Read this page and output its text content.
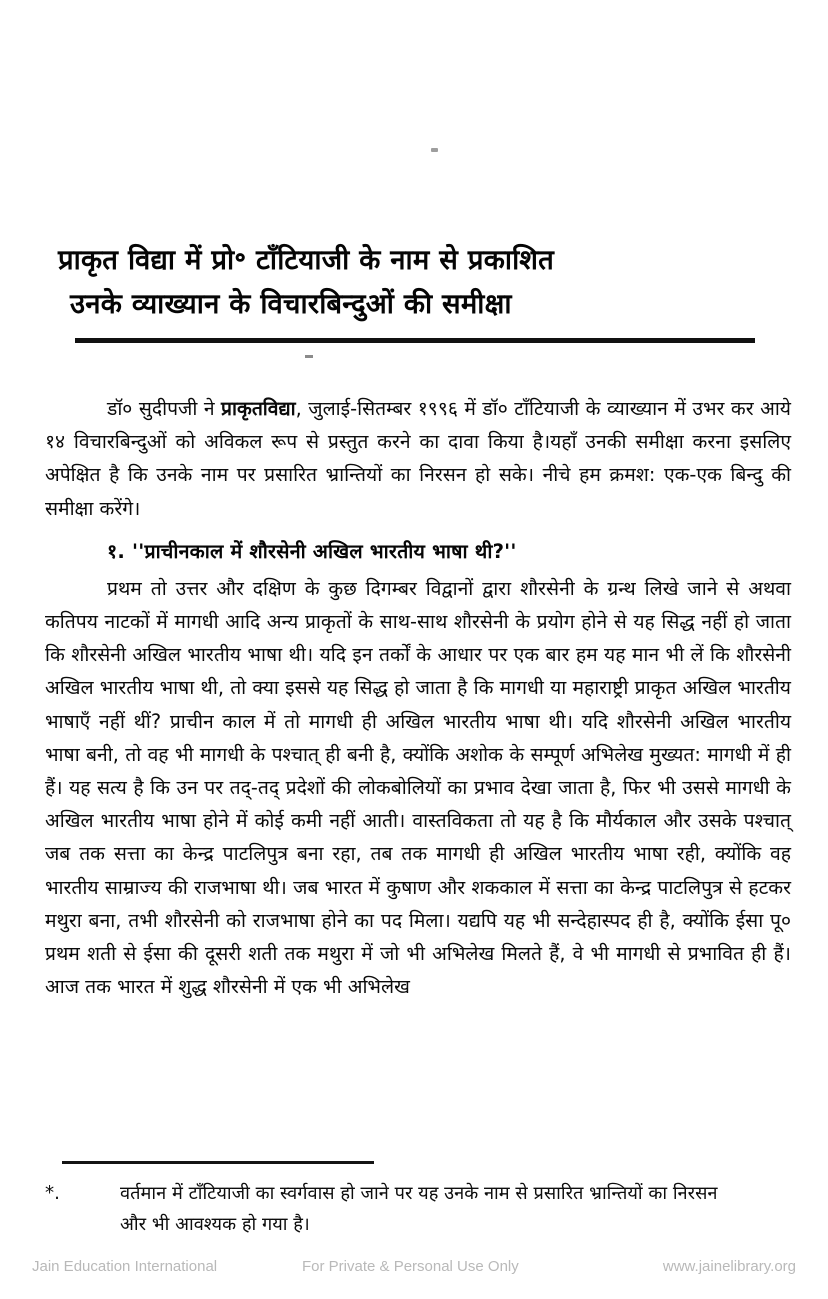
प्राकृत विद्या में प्रो॰ टाँटियाजी के नाम से प्रकाशित
उनके व्याख्यान के विचारबिन्दुओं की समीक्षा

डॉ० सुदीपजी ने प्राकृतविद्या, जुलाई-सितम्बर १९९६ में डॉ० टाँटियाजी के व्याख्यान में उभर कर आये १४ विचारबिन्दुओं को अविकल रूप से प्रस्तुत करने का दावा किया है।यहाँ उनकी समीक्षा करना इसलिए अपेक्षित है कि उनके नाम पर प्रसारित भ्रान्तियों का निरसन हो सके। नीचे हम क्रमश: एक-एक बिन्दु की समीक्षा करेंगे।

१. ''प्राचीनकाल में शौरसेनी अखिल भारतीय भाषा थी?''

प्रथम तो उत्तर और दक्षिण के कुछ दिगम्बर विद्वानों द्वारा शौरसेनी के ग्रन्थ लिखे जाने से अथवा कतिपय नाटकों में मागधी आदि अन्य प्राकृतों के साथ-साथ शौरसेनी के प्रयोग होने से यह सिद्ध नहीं हो जाता कि शौरसेनी अखिल भारतीय भाषा थी। यदि इन तर्कों के आधार पर एक बार हम यह मान भी लें कि शौरसेनी अखिल भारतीय भाषा थी, तो क्या इससे यह सिद्ध हो जाता है कि मागधी या महाराष्ट्री प्राकृत अखिल भारतीय भाषाएँ नहीं थीं? प्राचीन काल में तो मागधी ही अखिल भारतीय भाषा थी। यदि शौरसेनी अखिल भारतीय भाषा बनी, तो वह भी मागधी के पश्चात् ही बनी है, क्योंकि अशोक के सम्पूर्ण अभिलेख मुख्यत: मागधी में ही हैं। यह सत्य है कि उन पर तद्-तद् प्रदेशों की लोकबोलियों का प्रभाव देखा जाता है, फिर भी उससे मागधी के अखिल भारतीय भाषा होने में कोई कमी नहीं आती। वास्तविकता तो यह है कि मौर्यकाल और उसके पश्चात् जब तक सत्ता का केन्द्र पाटलिपुत्र बना रहा, तब तक मागधी ही अखिल भारतीय भाषा रही, क्योंकि वह भारतीय साम्राज्य की राजभाषा थी। जब भारत में कुषाण और शककाल में सत्ता का केन्द्र पाटलिपुत्र से हटकर मथुरा बना, तभी शौरसेनी को राजभाषा होने का पद मिला। यद्यपि यह भी सन्देहास्पद ही है, क्योंकि ईसा पू० प्रथम शती से ईसा की दूसरी शती तक मथुरा में जो भी अभिलेख मिलते हैं, वे भी मागधी से प्रभावित ही हैं। आज तक भारत में शुद्ध शौरसेनी में एक भी अभिलेख

*.	वर्तमान में टाँटियाजी का स्वर्गवास हो जाने पर यह उनके नाम से प्रसारित भ्रान्तियों का निरसन और भी आवश्यक हो गया है।
Jain Education International	For Private & Personal Use Only	www.jainelibrary.org
